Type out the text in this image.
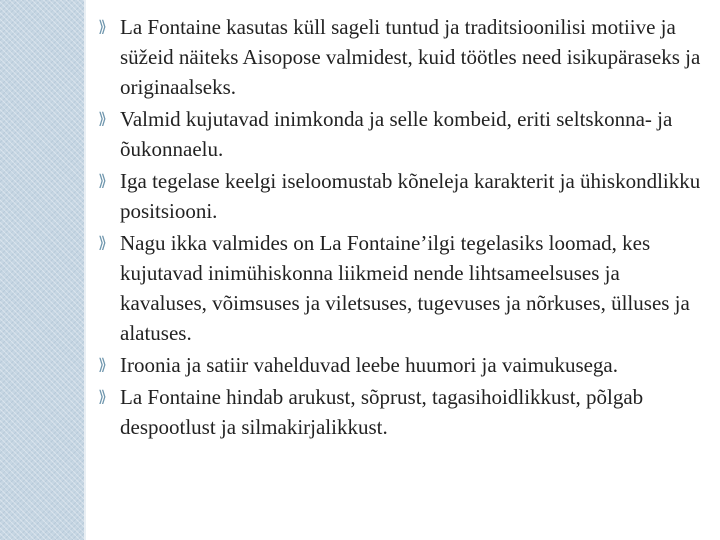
⟫ La Fontaine kasutas küll sageli tuntud ja traditsioonilisi motiive ja süžeid näiteks Aisopose valmidest, kuid töötles need isikupäraseks ja originaalseks.
⟫ Valmid kujutavad inimkonda ja selle kombeid, eriti seltskonna- ja õukonnaelu.
⟫ Iga tegelase keelgi iseloomustab kõneleja karakterit ja ühiskondlikku positsiooni.
⟫ Nagu ikka valmides on La Fontaine’ilgi tegelasiks loomad, kes kujutavad inimühiskonna liikmeid nende lihtsameelsuses ja kavaluses, võimsuses ja viletsuses, tugevuses ja nõrkuses, ülluses ja alatuses.
⟫ Iroonia ja satiir vahelduvad leebe huumori ja vaimukusega.
⟫ La Fontaine hindab arukust, sõprust, tagasihoidlikkust, põlgab despootlust ja silmakirjalikkust.
